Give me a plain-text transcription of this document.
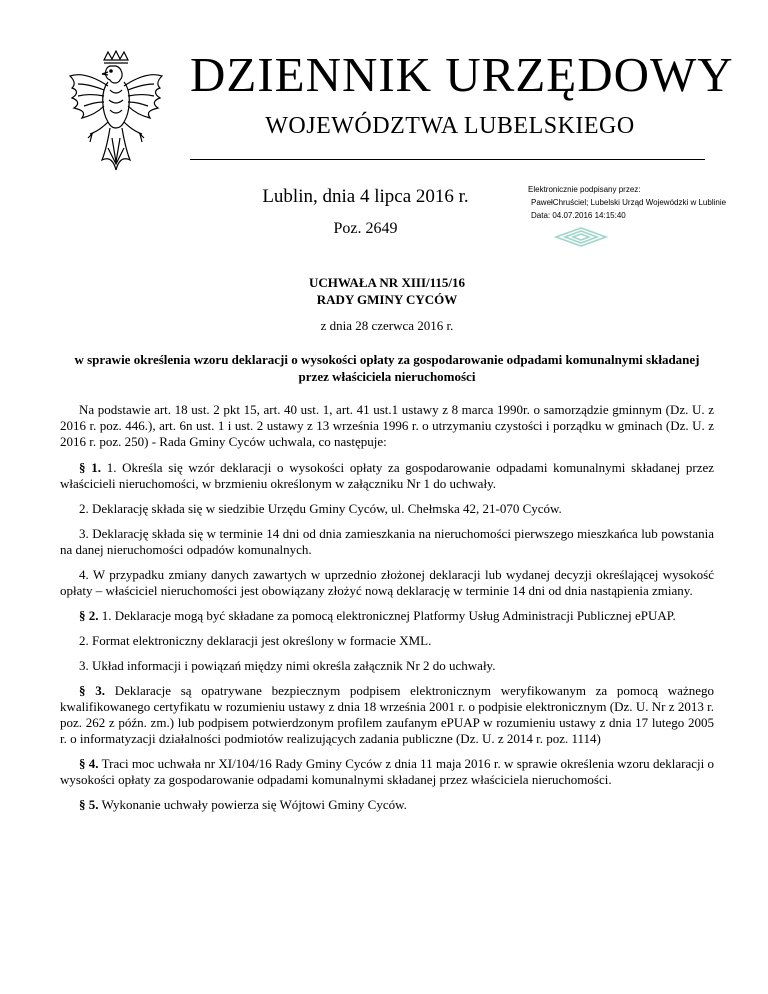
DZIENNIK URZĘDOWY
WOJEWÓDZTWA LUBELSKIEGO
Lublin, dnia 4 lipca 2016 r.
Poz. 2649
Elektronicznie podpisany przez:
PawełChruściel; Lubelski Urząd Wojewódzki w Lublinie
Data: 04.07.2016 14:15:40
UCHWAŁA NR XIII/115/16
RADY GMINY CYCÓW
z dnia 28 czerwca 2016 r.
w sprawie określenia wzoru deklaracji o wysokości opłaty za gospodarowanie odpadami komunalnymi składanej przez właściciela nieruchomości

Na podstawie art. 18 ust. 2 pkt 15, art. 40 ust. 1, art. 41 ust.1 ustawy z 8 marca 1990r. o samorządzie gminnym (Dz. U. z 2016 r. poz. 446.), art. 6n ust. 1 i ust. 2 ustawy z 13 września 1996 r. o utrzymaniu czystości i porządku w gminach (Dz. U. z 2016 r. poz. 250) - Rada Gminy Cyców uchwala, co następuje:

§ 1. 1. Określa się wzór deklaracji o wysokości opłaty za gospodarowanie odpadami komunalnymi składanej przez właścicieli nieruchomości, w brzmieniu określonym w załączniku Nr 1 do uchwały.

2. Deklarację składa się w siedzibie Urzędu Gminy Cyców, ul. Chełmska 42, 21-070 Cyców.

3. Deklarację składa się w terminie 14 dni od dnia zamieszkania na nieruchomości pierwszego mieszkańca lub powstania na danej nieruchomości odpadów komunalnych.

4. W przypadku zmiany danych zawartych w uprzednio złożonej deklaracji lub wydanej decyzji określającej wysokość opłaty – właściciel nieruchomości jest obowiązany złożyć nową deklarację w terminie 14 dni od dnia nastąpienia zmiany.

§ 2. 1. Deklaracje mogą być składane za pomocą elektronicznej Platformy Usług Administracji Publicznej ePUAP.

2. Format elektroniczny deklaracji jest określony w formacie XML.

3. Układ informacji i powiązań między nimi określa załącznik Nr 2 do uchwały.

§ 3. Deklaracje są opatrywane bezpiecznym podpisem elektronicznym weryfikowanym za pomocą ważnego kwalifikowanego certyfikatu w rozumieniu ustawy z dnia 18 września 2001 r. o podpisie elektronicznym (Dz. U. Nr z 2013 r. poz. 262 z późn. zm.) lub podpisem potwierdzonym profilem zaufanym ePUAP w rozumieniu ustawy z dnia 17 lutego 2005 r. o informatyzacji działalności podmiotów realizujących zadania publiczne (Dz. U. z 2014 r. poz. 1114)

§ 4. Traci moc uchwała nr XI/104/16 Rady Gminy Cyców z dnia 11 maja 2016 r. w sprawie określenia wzoru deklaracji o wysokości opłaty za gospodarowanie odpadami komunalnymi składanej przez właściciela nieruchomości.

§ 5. Wykonanie uchwały powierza się Wójtowi Gminy Cyców.
